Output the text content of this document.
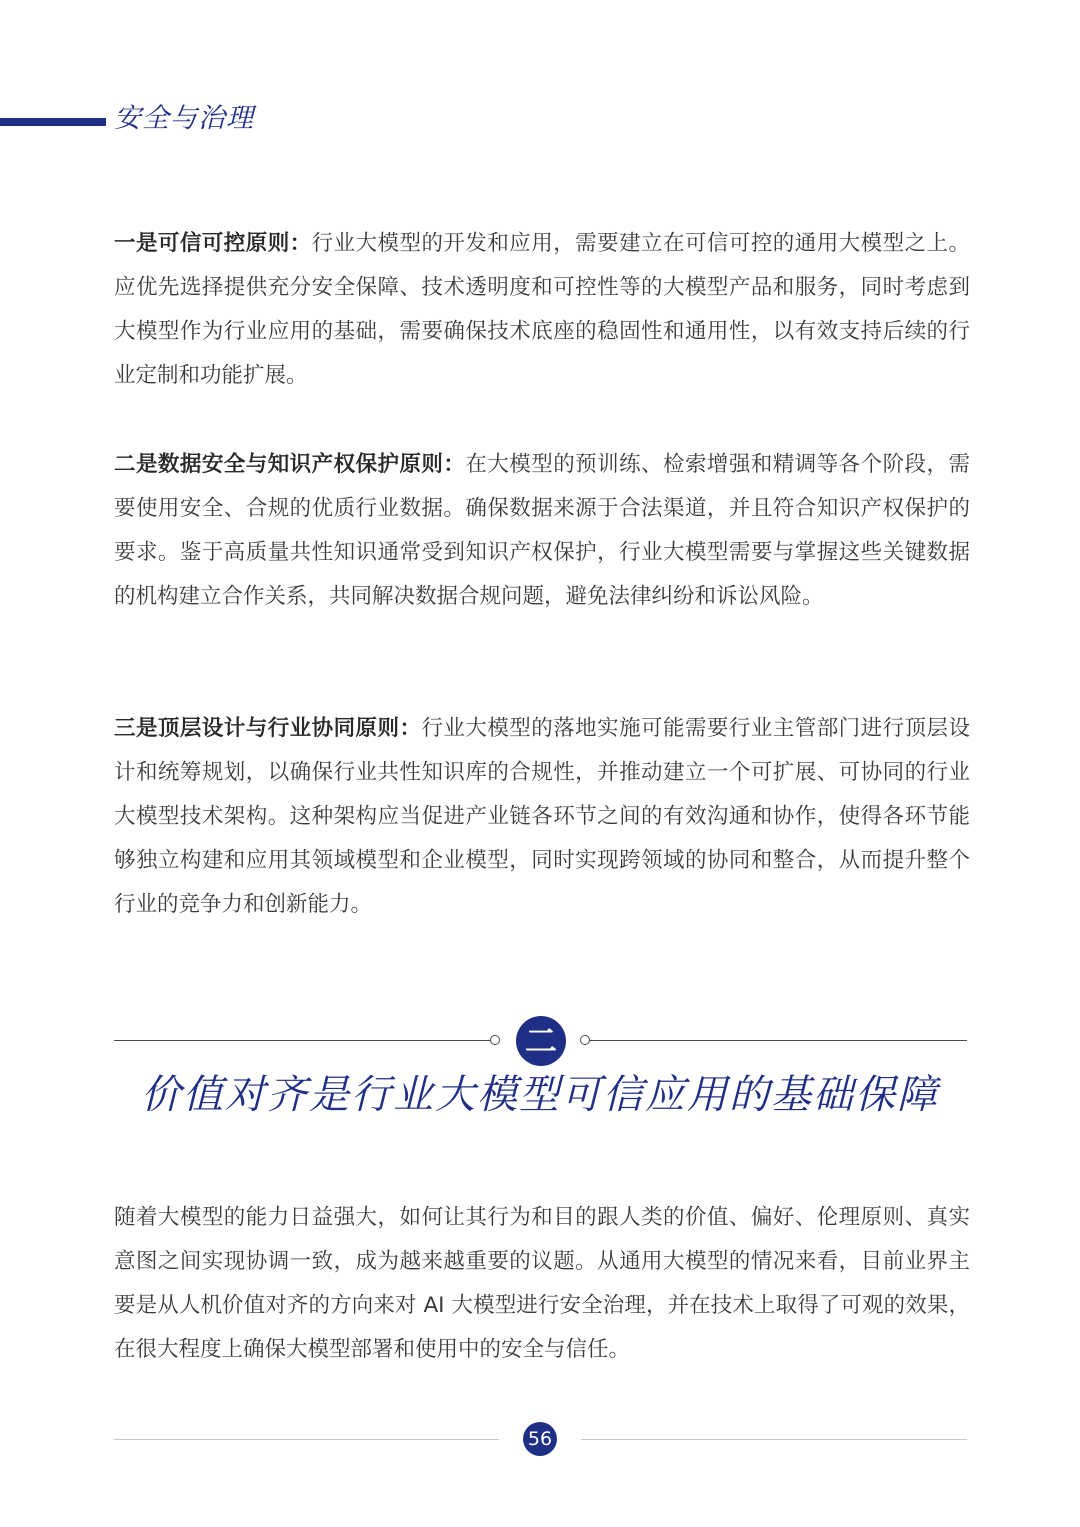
安全与治理

一是可信可控原则：行业大模型的开发和应用，需要建立在可信可控的通用大模型之上。应优先选择提供充分安全保障、技术透明度和可控性等的大模型产品和服务，同时考虑到大模型作为行业应用的基础，需要确保技术底座的稳固性和通用性，以有效支持后续的行业定制和功能扩展。

二是数据安全与知识产权保护原则：在大模型的预训练、检索增强和精调等各个阶段，需要使用安全、合规的优质行业数据。确保数据来源于合法渠道，并且符合知识产权保护的要求。鉴于高质量共性知识通常受到知识产权保护，行业大模型需要与掌握这些关键数据的机构建立合作关系，共同解决数据合规问题，避免法律纠纷和诉讼风险。

三是顶层设计与行业协同原则：行业大模型的落地实施可能需要行业主管部门进行顶层设计和统筹规划，以确保行业共性知识库的合规性，并推动建立一个可扩展、可协同的行业大模型技术架构。这种架构应当促进产业链各环节之间的有效沟通和协作，使得各环节能够独立构建和应用其领域模型和企业模型，同时实现跨领域的协同和整合，从而提升整个行业的竞争力和创新能力。

二
价值对齐是行业大模型可信应用的基础保障

随着大模型的能力日益强大，如何让其行为和目的跟人类的价值、偏好、伦理原则、真实意图之间实现协调一致，成为越来越重要的议题。从通用大模型的情况来看，目前业界主要是从人机价值对齐的方向来对 AI 大模型进行安全治理，并在技术上取得了可观的效果，在很大程度上确保大模型部署和使用中的安全与信任。

56
